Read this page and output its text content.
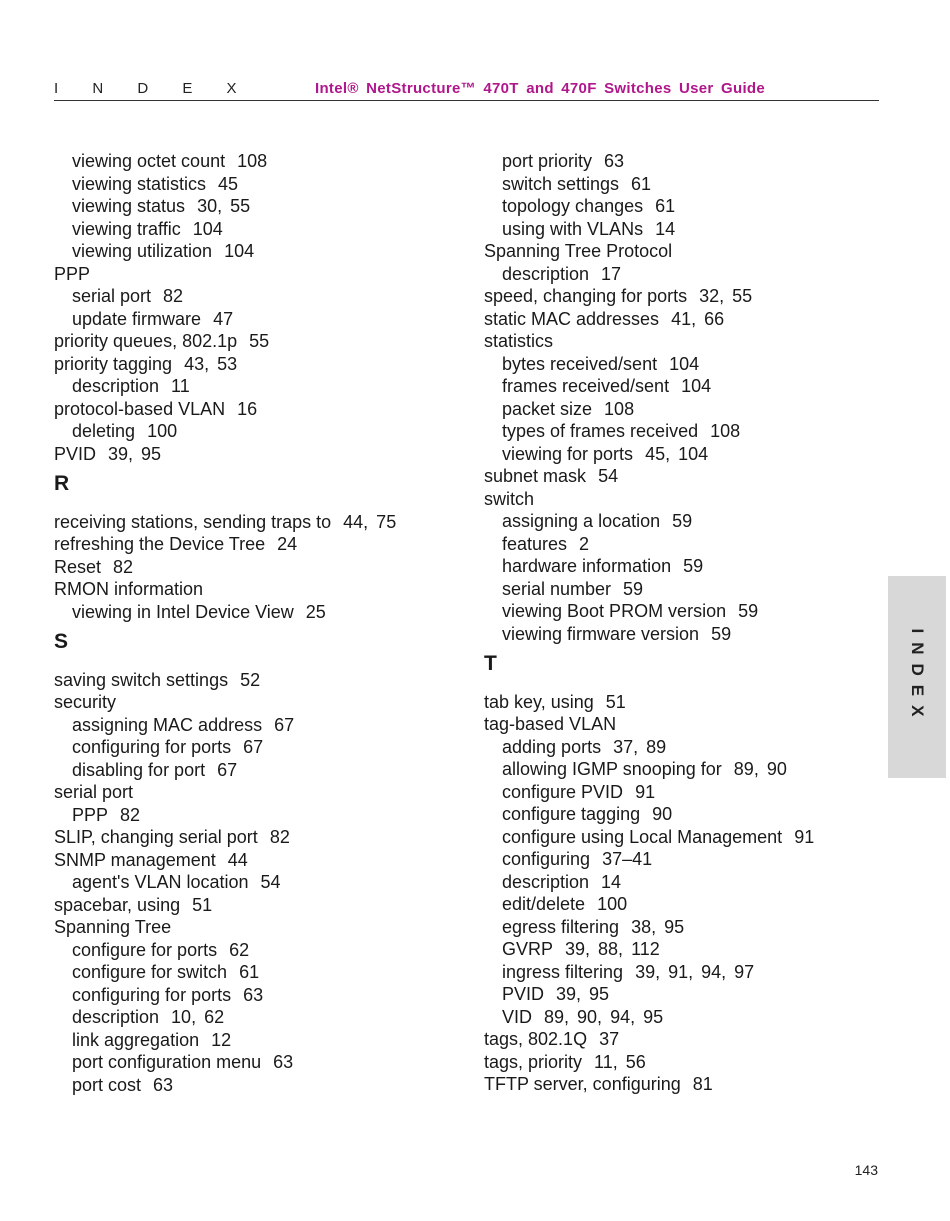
I N D E X	Intel® NetStructure™ 470T and 470F Switches User Guide
viewing octet count 108
viewing statistics 45
viewing status 30, 55
viewing traffic 104
viewing utilization 104
PPP
serial port 82
update firmware 47
priority queues, 802.1p 55
priority tagging 43, 53
description 11
protocol-based VLAN 16
deleting 100
PVID 39, 95
R
receiving stations, sending traps to 44, 75
refreshing the Device Tree 24
Reset 82
RMON information
viewing in Intel Device View 25
S
saving switch settings 52
security
assigning MAC address 67
configuring for ports 67
disabling for port 67
serial port
PPP 82
SLIP, changing serial port 82
SNMP management 44
agent's VLAN location 54
spacebar, using 51
Spanning Tree
configure for ports 62
configure for switch 61
configuring for ports 63
description 10, 62
link aggregation 12
port configuration menu 63
port cost 63
port priority 63
switch settings 61
topology changes 61
using with VLANs 14
Spanning Tree Protocol
description 17
speed, changing for ports 32, 55
static MAC addresses 41, 66
statistics
bytes received/sent 104
frames received/sent 104
packet size 108
types of frames received 108
viewing for ports 45, 104
subnet mask 54
switch
assigning a location 59
features 2
hardware information 59
serial number 59
viewing Boot PROM version 59
viewing firmware version 59
T
tab key, using 51
tag-based VLAN
adding ports 37, 89
allowing IGMP snooping for 89, 90
configure PVID 91
configure tagging 90
configure using Local Management 91
configuring 37–41
description 14
edit/delete 100
egress filtering 38, 95
GVRP 39, 88, 112
ingress filtering 39, 91, 94, 97
PVID 39, 95
VID 89, 90, 94, 95
tags, 802.1Q 37
tags, priority 11, 56
TFTP server, configuring 81
INDEX
143
